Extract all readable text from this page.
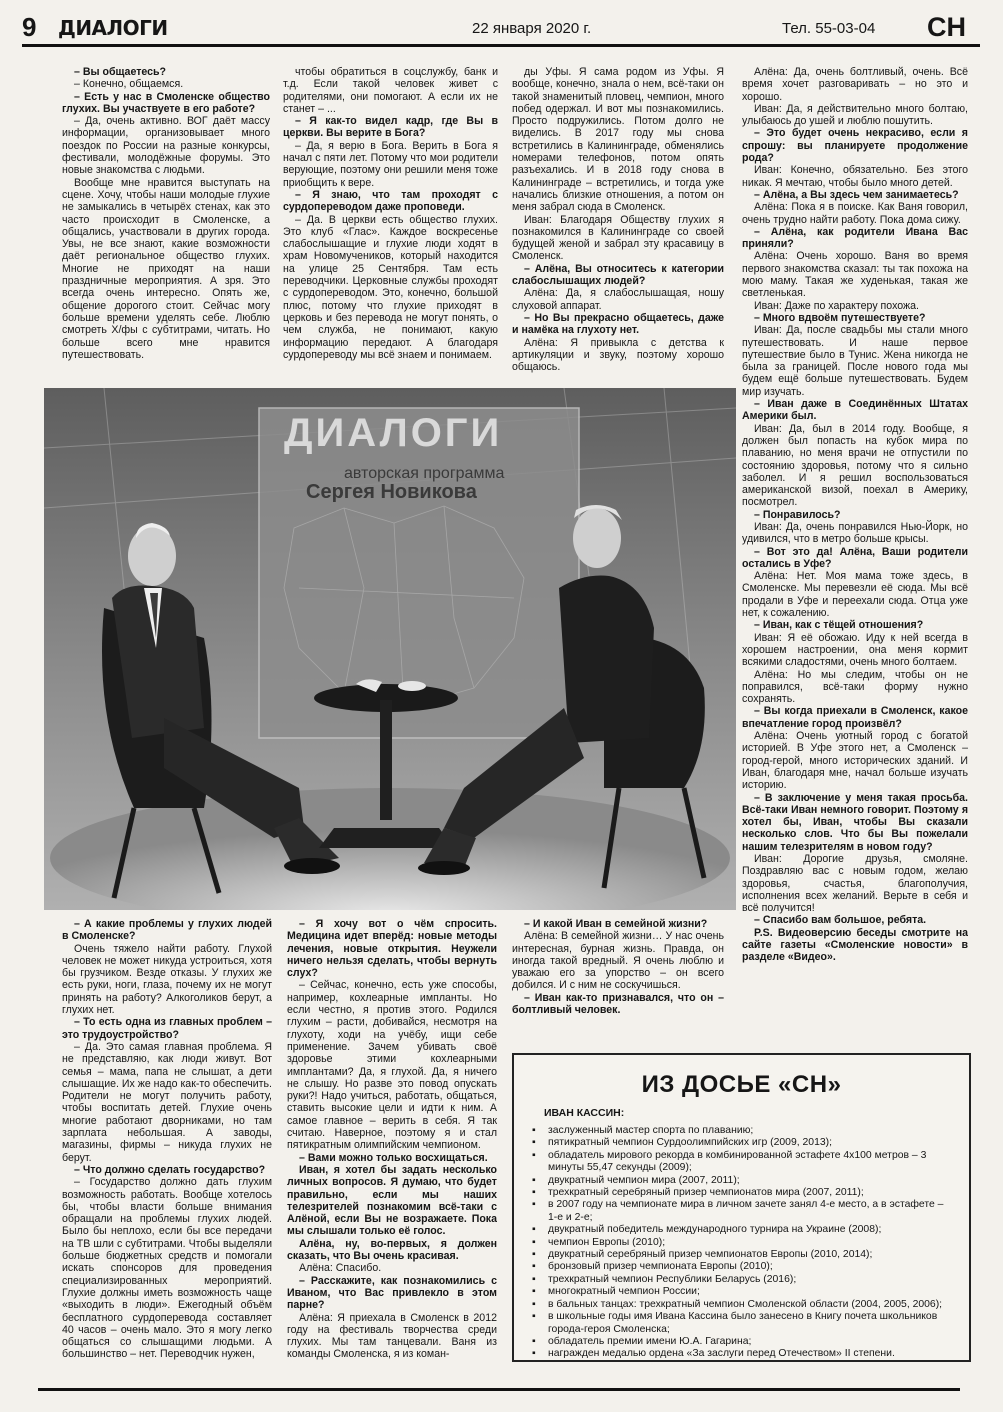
9 ДИАЛОГИ	22 января 2020 г.	Тел. 55-03-04 СН

– Вы общаетесь?

– Конечно, общаемся.

– Есть у нас в Смоленске общество глухих. Вы участвуете в его работе?

– Да, очень активно. ВОГ даёт массу информации, организовывает много поездок по России на разные конкурсы, фестивали, молодёжные форумы. Это новые знакомства с людьми.

Вообще мне нравится выступать на сцене. Хочу, чтобы наши молодые глухие не замыкались в четырёх стенах, как это часто происходит в Смоленске, а общались, участвовали в других города. Увы, не все знают, какие возможности даёт региональное общество глухих. Многие не приходят на наши праздничные мероприятия. А зря. Это всегда очень интересно. Опять же, общение дорогого стоит. Сейчас могу больше времени уделять себе. Люблю смотреть Х/фы с субтитрами, читать. Но больше всего мне нравится путешествовать.

чтобы обратиться в соцслужбу, банк и т.д. Если такой человек живет с родителями, они помогают. А если их не станет – ...

– Я как-то видел кадр, где Вы в церкви. Вы верите в Бога?

– Да, я верю в Бога. Верить в Бога я начал с пяти лет. Потому что мои родители верующие, поэтому они решили меня тоже приобщить к вере.

– Я знаю, что там проходят с сурдопереводом даже проповеди.

– Да. В церкви есть общество глухих. Это клуб «Глас». Каждое воскресенье слабослышащие и глухие люди ходят в храм Новомучеников, который находится на улице 25 Сентября. Там есть переводчики. Церковные службы проходят с сурдопереводом. Это, конечно, большой плюс, потому что глухие приходят в церковь и без перевода не могут понять, о чем служба, не понимают, какую информацию передают. А благодаря сурдопереводу мы всё знаем и понимаем.

ды Уфы. Я сама родом из Уфы. Я вообще, конечно, знала о нем, всё-таки он такой знаменитый пловец, чемпион, много побед одержал. И вот мы познакомились. Просто подружились. Потом долго не виделись. В 2017 году мы снова встретились в Калининграде, обменялись номерами телефонов, потом опять разъехались. И в 2018 году снова в Калининграде – встретились, и тогда уже начались близкие отношения, а потом он меня забрал сюда в Смоленск.

Иван: Благодаря Обществу глухих я познакомился в Калининграде со своей будущей женой и забрал эту красавицу в Смоленск.

– Алёна, Вы относитесь к категории слабослышащих людей?

Алёна: Да, я слабослышащая, ношу слуховой аппарат.

– Но Вы прекрасно общаетесь, даже и намёка на глухоту нет.

Алёна: Я привыкла с детства к артикуляции и звуку, поэтому хорошо общаюсь.

Алёна: Да, очень болтливый, очень. Всё время хочет разговаривать – но это и хорошо.

Иван: Да, я действительно много болтаю, улыбаюсь до ушей и люблю пошутить.

– Это будет очень некрасиво, если я спрошу: вы планируете продолжение рода?

Иван: Конечно, обязательно. Без этого никак. Я мечтаю, чтобы было много детей.

– Алёна, а Вы здесь чем занимаетесь?

Алёна: Пока я в поиске. Как Ваня говорил, очень трудно найти работу. Пока дома сижу.

– Алёна, как родители Ивана Вас приняли?

Алёна: Очень хорошо. Ваня во время первого знакомства сказал: ты так похожа на мою маму. Такая же худенькая, такая же светленькая.

Иван: Даже по характеру похожа.

– Много вдвоём путешествуете?

Иван: Да, после свадьбы мы стали много путешествовать. И наше первое путешествие было в Тунис. Жена никогда не была за границей. После нового года мы будем ещё больше путешествовать. Будем мир изучать.

– Иван даже в Соединённых Штатах Америки был.

Иван: Да, был в 2014 году. Вообще, я должен был попасть на кубок мира по плаванию, но меня врачи не отпустили по состоянию здоровья, потому что я сильно заболел. И я решил воспользоваться американской визой, поехал в Америку, посмотрел.

– Понравилось?

Иван: Да, очень понравился Нью-Йорк, но удивился, что в метро больше крысы.

– Вот это да! Алёна, Ваши родители остались в Уфе?

Алёна: Нет. Моя мама тоже здесь, в Смоленске. Мы перевезли её сюда. Мы всё продали в Уфе и переехали сюда. Отца уже нет, к сожалению.

– Иван, как с тёщей отношения?

Иван: Я её обожаю. Иду к ней всегда в хорошем настроении, она меня кормит всякими сладостями, очень много болтаем.

Алёна: Но мы следим, чтобы он не поправился, всё-таки форму нужно сохранять.

– Вы когда приехали в Смоленск, какое впечатление город произвёл?

Алёна: Очень уютный город с богатой историей. В Уфе этого нет, а Смоленск – город-герой, много исторических зданий. И Иван, благодаря мне, начал больше изучать историю.

– В заключение у меня такая просьба. Всё-таки Иван немного говорит. Поэтому я хотел бы, Иван, чтобы Вы сказали несколько слов. Что бы Вы пожелали нашим телезрителям в новом году?

Иван: Дорогие друзья, смоляне. Поздравляю вас с новым годом, желаю здоровья, счастья, благополучия, исполнения всех желаний. Верьте в себя и всё получится!

– Спасибо вам большое, ребята.

P.S. Видеоверсию беседы смотрите на сайте газеты «Смоленские новости» в разделе «Видео».

– А какие проблемы у глухих людей в Смоленске?

Очень тяжело найти работу. Глухой человек не может никуда устроиться, хотя бы грузчиком. Везде отказы. У глухих же есть руки, ноги, глаза, почему их не могут принять на работу? Алкоголиков берут, а глухих нет.

– То есть одна из главных проблем – это трудоустройство?

– Да. Это самая главная проблема. Я не представляю, как люди живут. Вот семья – мама, папа не слышат, а дети слышащие. Их же надо как-то обеспечить. Родители не могут получить работу, чтобы воспитать детей. Глухие очень многие работают дворниками, но там зарплата небольшая. А заводы, магазины, фирмы – никуда глухих не берут.

– Что должно сделать государство?

– Государство должно дать глухим возможность работать. Вообще хотелось бы, чтобы власти больше внимания обращали на проблемы глухих людей. Было бы неплохо, если бы все передачи на ТВ шли с субтитрами. Чтобы выделяли больше бюджетных средств и помогали искать спонсоров для проведения специализированных мероприятий. Глухие должны иметь возможность чаще «выходить в люди». Ежегодный объём бесплатного сурдоперевода составляет 40 часов – очень мало. Это я могу легко общаться со слышащими людьми. А большинство – нет. Переводчик нужен,

– Я хочу вот о чём спросить. Медицина идет вперёд: новые методы лечения, новые открытия. Неужели ничего нельзя сделать, чтобы вернуть слух?

– Сейчас, конечно, есть уже способы, например, кохлеарные импланты. Но если честно, я против этого. Родился глухим – расти, добивайся, несмотря на глухоту, ходи на учёбу, ищи себе применение. Зачем убивать своё здоровье этими кохлеарными имплантами? Да, я глухой. Да, я ничего не слышу. Но разве это повод опускать руки?! Надо учиться, работать, общаться, ставить высокие цели и идти к ним. А самое главное – верить в себя. Я так считаю. Наверное, поэтому я и стал пятикратным олимпийским чемпионом.

– Вами можно только восхищаться.

Иван, я хотел бы задать несколько личных вопросов. Я думаю, что будет правильно, если мы наших телезрителей познакомим всё-таки с Алёной, если Вы не возражаете. Пока мы слышали только её голос.

Алёна, ну, во-первых, я должен сказать, что Вы очень красивая.

Алёна: Спасибо.

– Расскажите, как познакомились с Иваном, что Вас привлекло в этом парне?

Алёна: Я приехала в Смоленск в 2012 году на фестиваль творчества среди глухих. Мы там танцевали. Ваня из команды Смоленска, я из коман-

– И какой Иван в семейной жизни?

Алёна: В семейной жизни… У нас очень интересная, бурная жизнь. Правда, он иногда такой вредный. Я очень люблю и уважаю его за упорство – он всего добился. И с ним не соскучишься.

– Иван как-то признавался, что он – болтливый человек.

ДИАЛОГИ
авторская программа
Сергея Новикова
ИЗ ДОСЬЕ «СН»
ИВАН КАССИН:
▪ заслуженный мастер спорта по плаванию;
▪ пятикратный чемпион Сурдоолимпийских игр (2009, 2013);
▪ обладатель мирового рекорда в комбинированной эстафете 4х100 метров – 3 минуты 55,47 секунды (2009);
▪ двукратный чемпион мира (2007, 2011);
▪ трехкратный серебряный призер чемпионатов мира (2007, 2011);
▪ в 2007 году на чемпионате мира в личном зачете занял 4-е место, а в эстафете – 1-е и 2-е;
▪ двукратный победитель международного турнира на Украине (2008);
▪ чемпион Европы (2010);
▪ двукратный серебряный призер чемпионатов Европы (2010, 2014);
▪ бронзовый призер чемпионата Европы (2010);
▪ трехкратный чемпион Республики Беларусь (2016);
▪ многократный чемпион России;
▪ в бальных танцах: трехкратный чемпион Смоленской области (2004, 2005, 2006);
▪ в школьные годы имя Ивана Кассина было занесено в Книгу почета школьников города-героя Смоленска;
▪ обладатель премии имени Ю.А. Гагарина;
▪ награжден медалью ордена «За заслуги перед Отечеством» II степени.
